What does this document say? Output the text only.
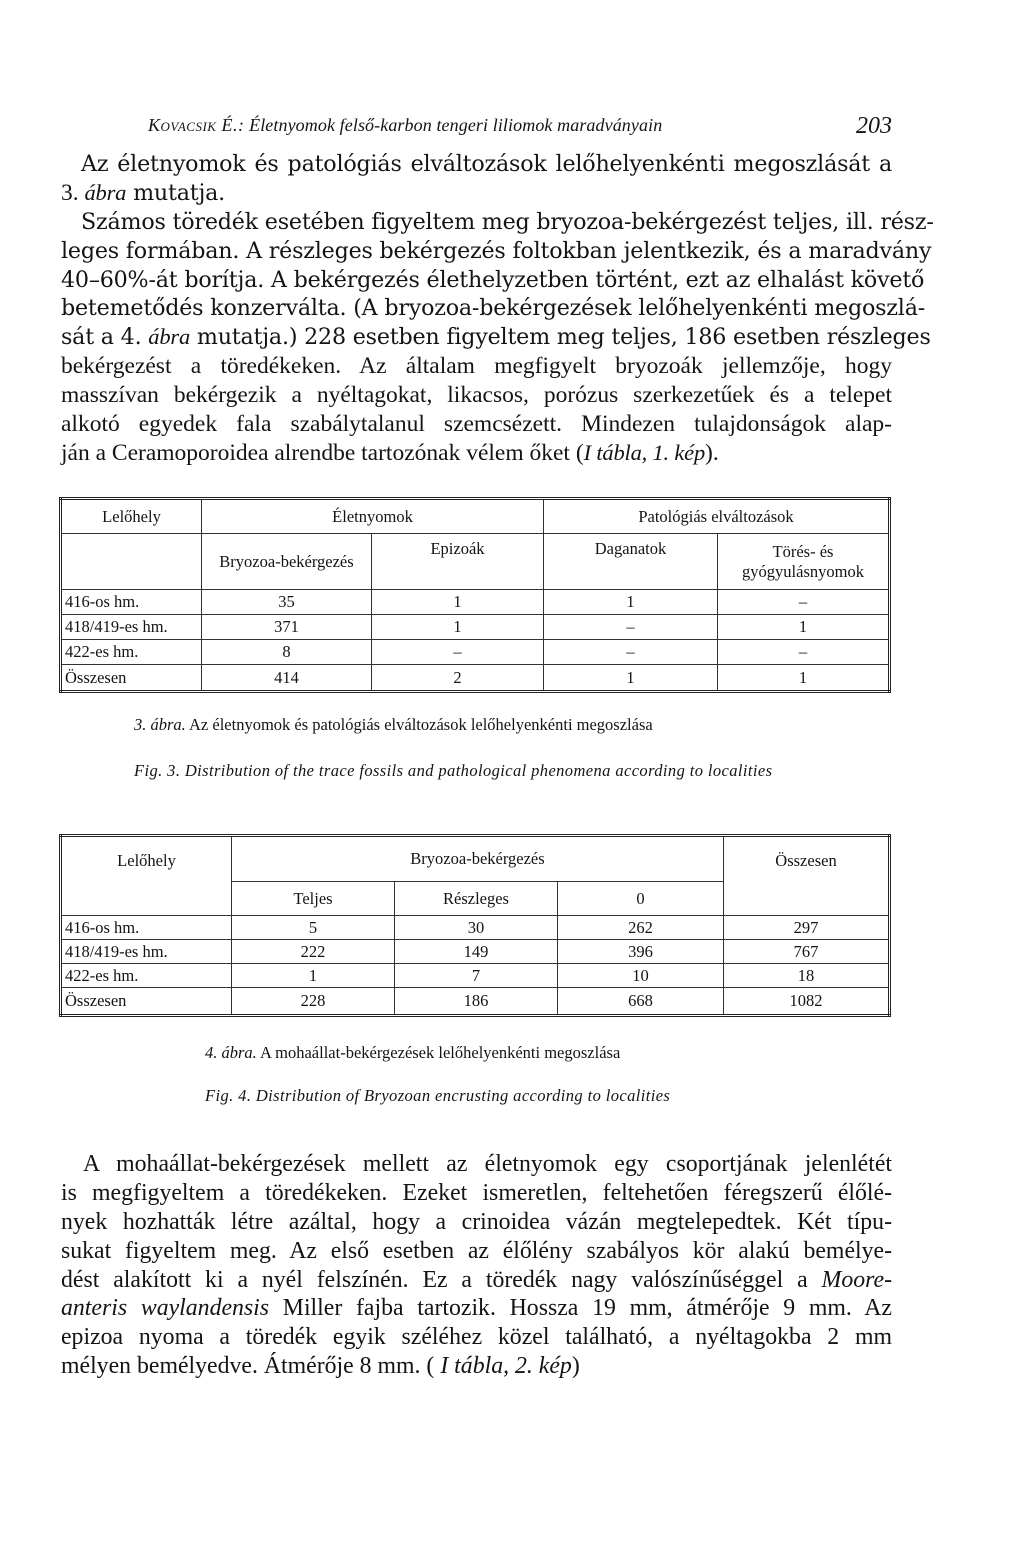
Kovacsik É.: Életnyomok felső-karbon tengeri liliomok maradványain	203
Az életnyomok és patológiás elváltozások lelőhelyenkénti megoszlását a
3. ábra mutatja.
Számos töredék esetében figyeltem meg bryozoa-bekérgezést teljes, ill. rész-
leges formában. A részleges bekérgezés foltokban jelentkezik, és a maradvány
40–60%-át borítja. A bekérgezés élethelyzetben történt, ezt az elhalást követő
betemetődés konzerválta. (A bryozoa-bekérgezések lelőhelyenkénti megoszlá-
sát a 4. ábra mutatja.) 228 esetben figyeltem meg teljes, 186 esetben részleges
bekérgezést a töredékeken. Az általam megfigyelt bryozoák jellemzője, hogy
masszívan bekérgezik a nyéltagokat, likacsos, porózus szerkezetűek és a telepet
alkotó egyedek fala szabálytalanul szemcsézett. Mindezen tulajdonságok alap-
ján a Ceramoporoidea alrendbe tartozónak vélem őket (I tábla, 1. kép).
Lelőhely	Életnyomok		Patológiás elváltozások	
	Bryozoa-bekérgezés	Epizoák	Daganatok	Törés- és gyógyulásnyomok
416-os hm.	35	1	1	–
418/419-es hm.	371	1	–	1
422-es hm.	8	–	–	–
Összesen	414	2	1	1
3. ábra. Az életnyomok és patológiás elváltozások lelőhelyenkénti megoszlása
Fig. 3. Distribution of the trace fossils and pathological phenomena according to localities
Lelőhely	Bryozoa-bekérgezés			Összesen
	Teljes	Részleges	0	
416-os hm.	5	30	262	297
418/419-es hm.	222	149	396	767
422-es hm.	1	7	10	18
Összesen	228	186	668	1082
4. ábra. A mohaállat-bekérgezések lelőhelyenkénti megoszlása
Fig. 4. Distribution of Bryozoan encrusting according to localities
A mohaállat-bekérgezések mellett az életnyomok egy csoportjának jelenlétét
is megfigyeltem a töredékeken. Ezeket ismeretlen, feltehetően féregszerű élőlé-
nyek hozhatták létre azáltal, hogy a crinoidea vázán megtelepedtek. Két típu-
sukat figyeltem meg. Az első esetben az élőlény szabályos kör alakú bemélye-
dést alakított ki a nyél felszínén. Ez a töredék nagy valószínűséggel a Moore-
anteris waylandensis Miller fajba tartozik. Hossza 19 mm, átmérője 9 mm. Az
epizoa nyoma a töredék egyik széléhez közel található, a nyéltagokba 2 mm
mélyen bemélyedve. Átmérője 8 mm. ( I tábla, 2. kép)
